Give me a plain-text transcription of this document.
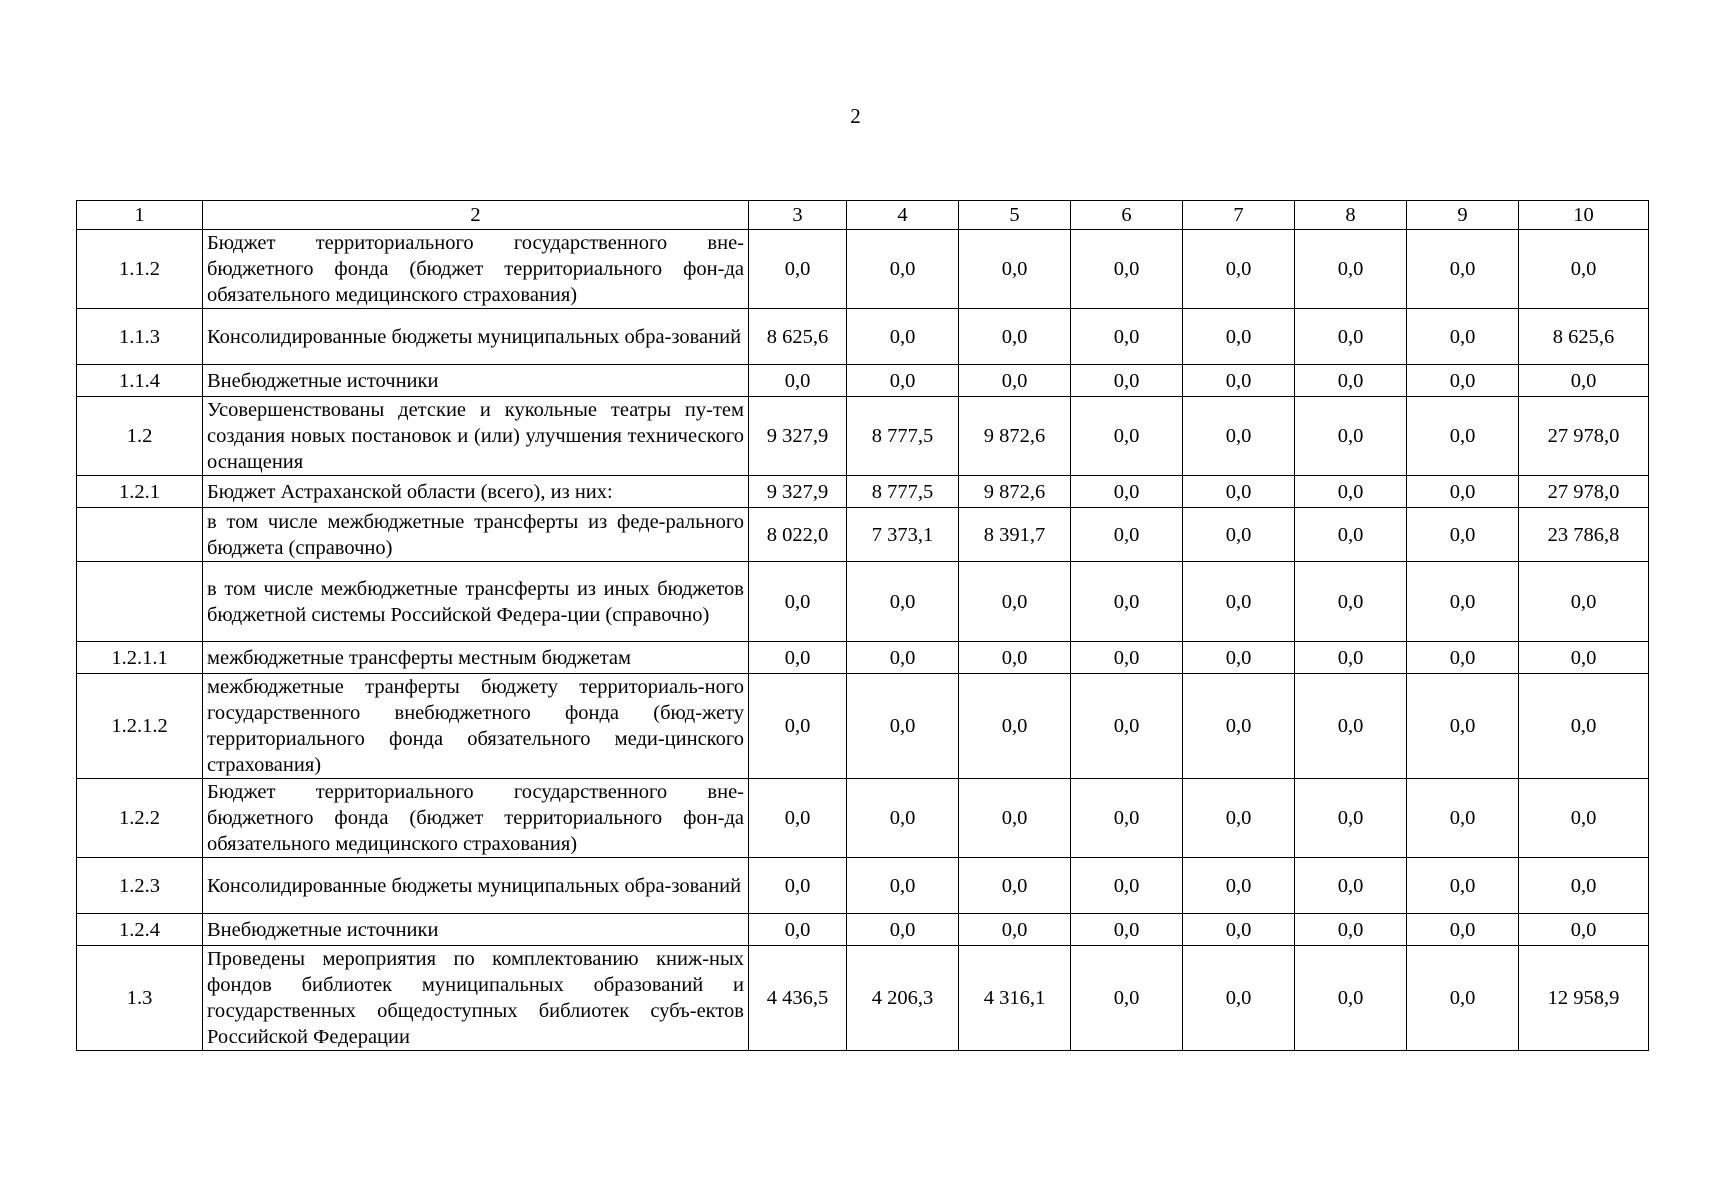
2
1	2	3	4	5	6	7	8	9	10
1.1.2	Бюджет территориального государственного вне-бюджетного фонда (бюджет территориального фон-да обязательного медицинского страхования)	0,0	0,0	0,0	0,0	0,0	0,0	0,0	0,0
1.1.3	Консолидированные бюджеты муниципальных обра-зований	8 625,6	0,0	0,0	0,0	0,0	0,0	0,0	8 625,6
1.1.4	Внебюджетные источники	0,0	0,0	0,0	0,0	0,0	0,0	0,0	0,0
1.2	Усовершенствованы детские и кукольные театры пу-тем создания новых постановок и (или) улучшения технического оснащения	9 327,9	8 777,5	9 872,6	0,0	0,0	0,0	0,0	27 978,0
1.2.1	Бюджет Астраханской области (всего), из них:	9 327,9	8 777,5	9 872,6	0,0	0,0	0,0	0,0	27 978,0
	в том числе межбюджетные трансферты из феде-рального бюджета (справочно)	8 022,0	7 373,1	8 391,7	0,0	0,0	0,0	0,0	23 786,8
	в том числе межбюджетные трансферты из иных бюджетов бюджетной системы Российской Федера-ции (справочно)	0,0	0,0	0,0	0,0	0,0	0,0	0,0	0,0
1.2.1.1	межбюджетные трансферты местным бюджетам	0,0	0,0	0,0	0,0	0,0	0,0	0,0	0,0
1.2.1.2	межбюджетные транферты бюджету территориаль-ного государственного внебюджетного фонда (бюд-жету территориального фонда обязательного меди-цинского страхования)	0,0	0,0	0,0	0,0	0,0	0,0	0,0	0,0
1.2.2	Бюджет территориального государственного вне-бюджетного фонда (бюджет территориального фон-да обязательного медицинского страхования)	0,0	0,0	0,0	0,0	0,0	0,0	0,0	0,0
1.2.3	Консолидированные бюджеты муниципальных обра-зований	0,0	0,0	0,0	0,0	0,0	0,0	0,0	0,0
1.2.4	Внебюджетные источники	0,0	0,0	0,0	0,0	0,0	0,0	0,0	0,0
1.3	Проведены мероприятия по комплектованию книж-ных фондов библиотек муниципальных образований и государственных общедоступных библиотек субъ-ектов Российской Федерации	4 436,5	4 206,3	4 316,1	0,0	0,0	0,0	0,0	12 958,9
